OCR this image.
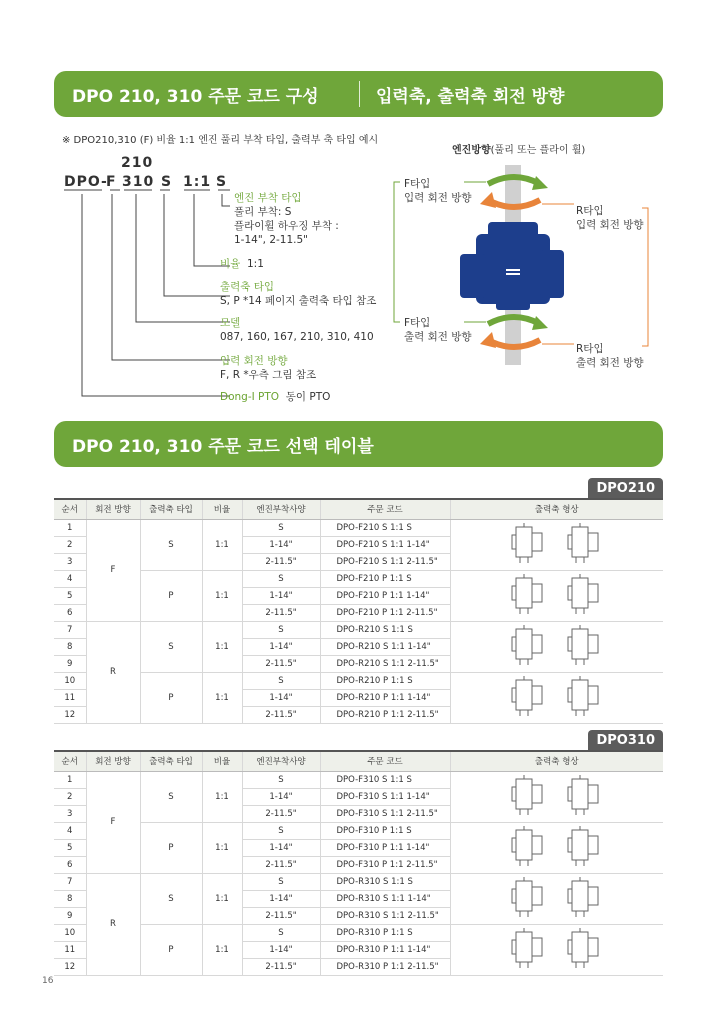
DPO 210, 310 주문 코드 구성	입력축, 출력축 회전 방향
※ DPO210,310 (F) 비율 1:1 엔진 풀리 부착 타입, 출력부 축 타입 예시
210
DPO-
F 310 S 1:1 S
엔진 부착 타입
풀리 부착: S
플라이휠 하우징 부착 :
1-14", 2-11.5"
비율 1:1
출력축 타입
S, P *14 페이지 출력축 타입 참조
모델
087, 160, 167, 210, 310, 410
입력 회전 방향
F, R *우측 그림 참조
Dong-I PTO 동이 PTO
엔진방향(풀리 또는 플라이 휠)
F타입
입력 회전 방향
R타입
입력 회전 방향
F타입
출력 회전 방향
R타입
출력 회전 방향
DPO 210, 310 주문 코드 선택 테이블
DPO210
순서	회전 방향	출력축 타입	비율	엔진부착사양	주문 코드	출력축 형상
1	F	S	1:1	S	DPO-F210 S 1:1 S	

2				1-14"	DPO-F210 S 1:1 1-14"	
3				2-11.5"	DPO-F210 S 1:1 2-11.5"	
4		P	1:1	S	DPO-F210 P 1:1 S	

5				1-14"	DPO-F210 P 1:1 1-14"	
6				2-11.5"	DPO-F210 P 1:1 2-11.5"	
7	R	S	1:1	S	DPO-R210 S 1:1 S	

8				1-14"	DPO-R210 S 1:1 1-14"	
9				2-11.5"	DPO-R210 S 1:1 2-11.5"	
10		P	1:1	S	DPO-R210 P 1:1 S	

11				1-14"	DPO-R210 P 1:1 1-14"	
12				2-11.5"	DPO-R210 P 1:1 2-11.5"	
DPO310
순서	회전 방향	출력축 타입	비율	엔진부착사양	주문 코드	출력축 형상
1	F	S	1:1	S	DPO-F310 S 1:1 S	

2				1-14"	DPO-F310 S 1:1 1-14"	
3				2-11.5"	DPO-F310 S 1:1 2-11.5"	
4		P	1:1	S	DPO-F310 P 1:1 S	

5				1-14"	DPO-F310 P 1:1 1-14"	
6				2-11.5"	DPO-F310 P 1:1 2-11.5"	
7	R	S	1:1	S	DPO-R310 S 1:1 S	

8				1-14"	DPO-R310 S 1:1 1-14"	
9				2-11.5"	DPO-R310 S 1:1 2-11.5"	
10		P	1:1	S	DPO-R310 P 1:1 S	

11				1-14"	DPO-R310 P 1:1 1-14"	
12				2-11.5"	DPO-R310 P 1:1 2-11.5"	
16
